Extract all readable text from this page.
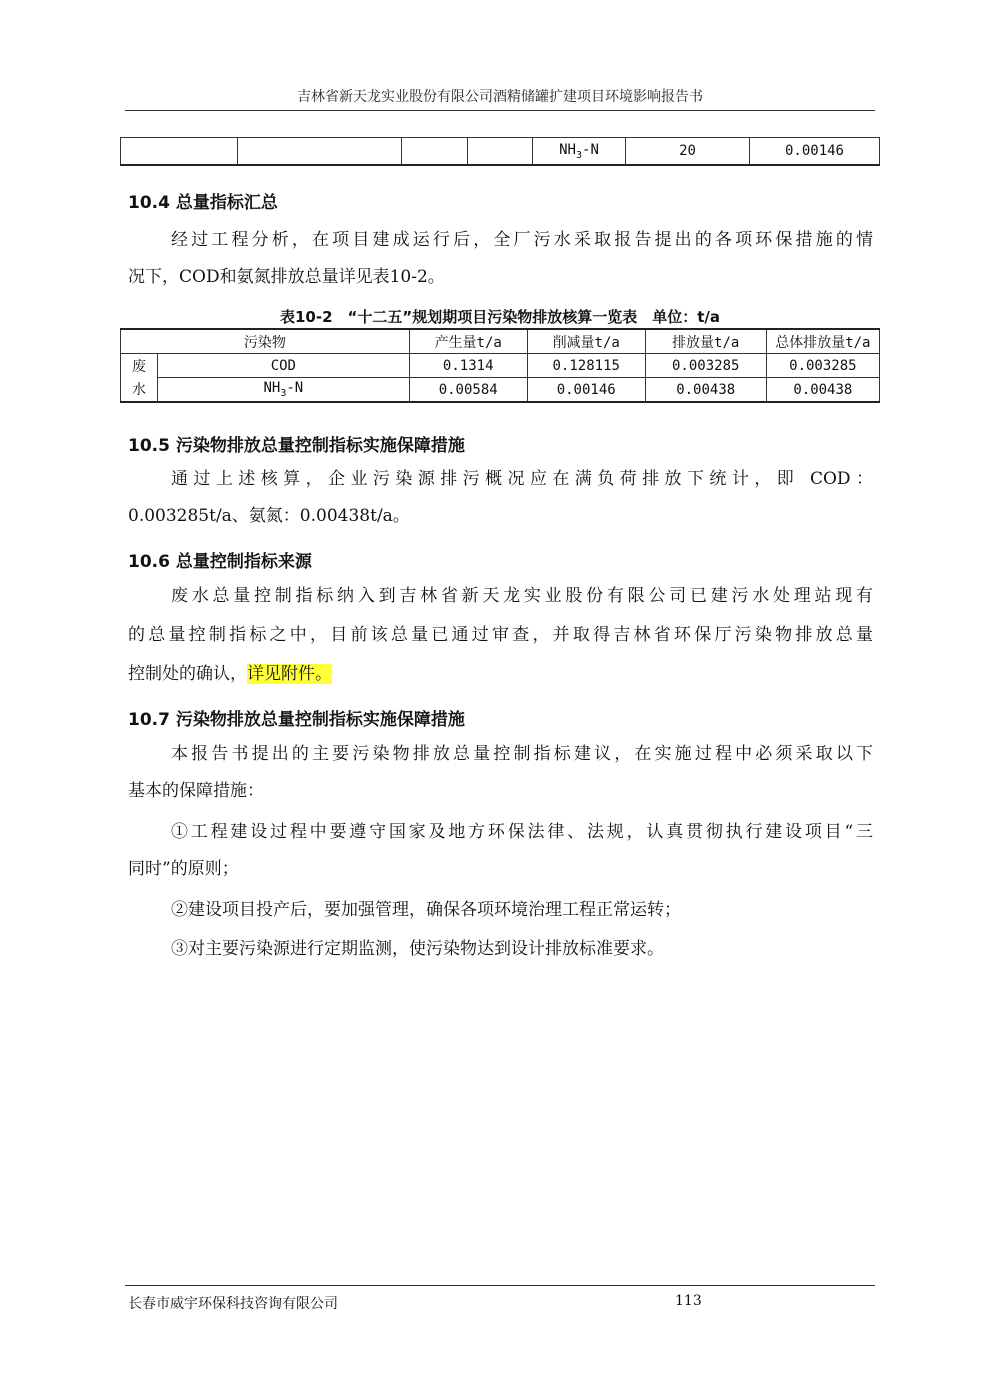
吉林省新天龙实业股份有限公司酒精储罐扩建项目环境影响报告书
				$NH_3-N$	20	0.00146
10.4 总量指标汇总
经过工程分析，在项目建成运行后，全厂污水采取报告提出的各项环保措施的情
况下，COD和氨氮排放总量详见表10-2。
表10-2　“十二五”规划期项目污染物排放核算一览表　单位：t/a
污染物		产生量t/a	削减量t/a	排放量t/a	总体排放量t/a
废	COD	0.1314	0.128115	0.003285	0.003285
水	$NH_3-N$	0.00584	0.00146	0.00438	0.00438
10.5 污染物排放总量控制指标实施保障措施
通过上述核算，企业污染源排污概况应在满负荷排放下统计，即 COD：
0.003285t/a、氨氮：0.00438t/a。
10.6 总量控制指标来源
废水总量控制指标纳入到吉林省新天龙实业股份有限公司已建污水处理站现有
的总量控制指标之中，目前该总量已通过审查，并取得吉林省环保厅污染物排放总量
控制处的确认，详见附件。
10.7 污染物排放总量控制指标实施保障措施
本报告书提出的主要污染物排放总量控制指标建议，在实施过程中必须采取以下
基本的保障措施：
①工程建设过程中要遵守国家及地方环保法律、法规，认真贯彻执行建设项目“三
同时”的原则；
②建设项目投产后，要加强管理，确保各项环境治理工程正常运转；
③对主要污染源进行定期监测，使污染物达到设计排放标准要求。
长春市威宇环保科技咨询有限公司	113
